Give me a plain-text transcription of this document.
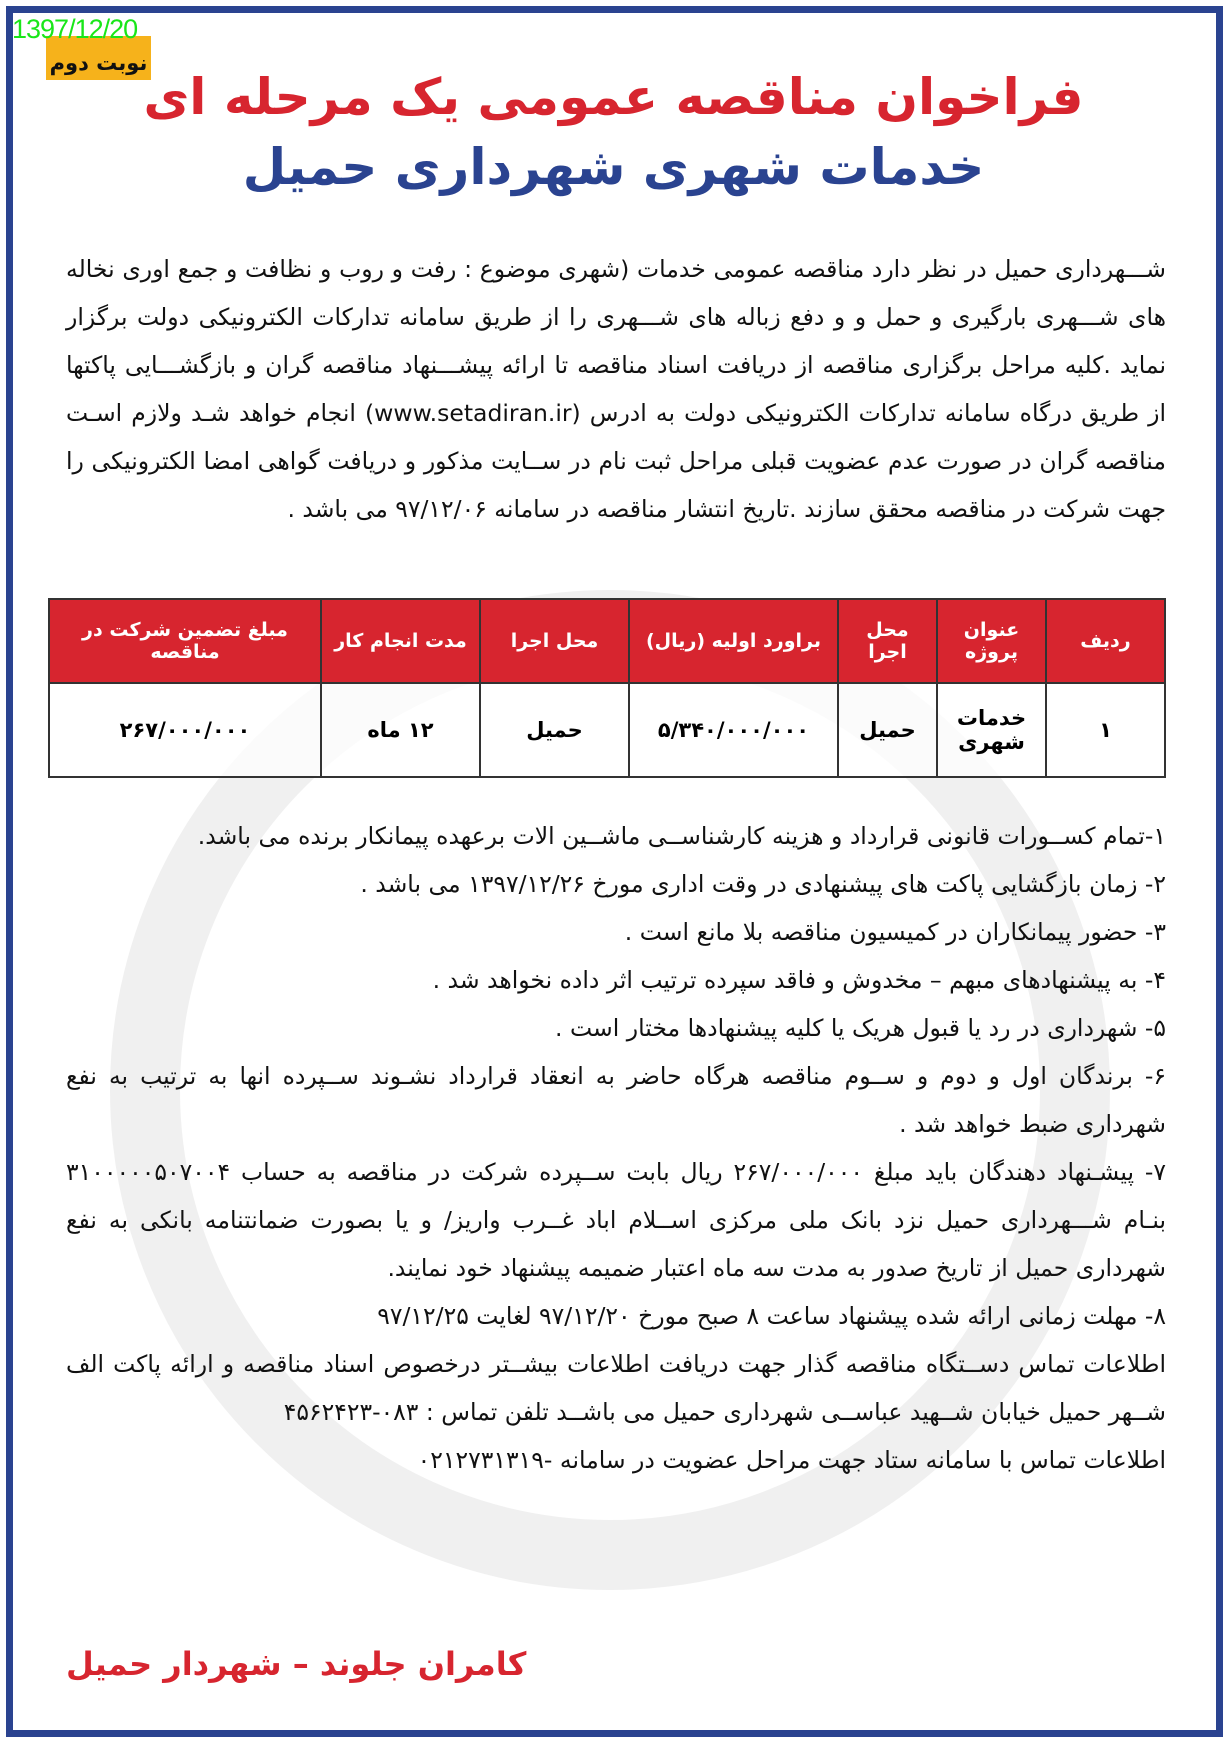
1397/12/20
نوبت دوم
فراخوان مناقصه عمومی یک مرحله ای
خدمات شهری شهرداری حمیل
شـــهرداری حمیل در نظر دارد مناقصه عمومی خدمات (شهری موضوع : رفت و روب و نظافت و جمع اوری نخاله های شـــهری بارگیری و حمل و و دفع زباله های شـــهری را از طریق سامانه تدارکات الکترونیکی دولت برگزار نماید .کلیه مراحل برگزاری مناقصه از دریافت اسناد مناقصه تا ارائه پیشـــنهاد مناقصه گران و بازگشـــایی پاکتها از طریق درگاه سامانه تدارکات الکترونیکی دولت به ادرس (www.setadiran.ir) انجام خواهد شـد ولازم اسـت مناقصه گران در صورت عدم عضویت قبلی مراحل ثبت نام در ســایت مذکور و دریافت گواهی امضا الکترونیکی را جهت شرکت در مناقصه محقق سازند .تاریخ انتشار مناقصه در سامانه ۹۷/۱۲/۰۶ می باشد .
ردیف	عنوان پروژه	محل اجرا	براورد اولیه (ریال)	محل اجرا	مدت انجام کار	مبلغ تضمین شرکت در مناقصه
۱	خدمات شهری	حمیل	۵/۳۴۰/۰۰۰/۰۰۰	حمیل	۱۲ ماه	۲۶۷/۰۰۰/۰۰۰

۱-تمام کســورات قانونی قرارداد و هزینه کارشناســی ماشــین الات برعهده پیمانکار برنده می باشد.

۲- زمان بازگشایی پاکت های پیشنهادی در وقت اداری مورخ ۱۳۹۷/۱۲/۲۶ می باشد .

۳- حضور پیمانکاران در کمیسیون مناقصه بلا مانع است .

۴- به پیشنهادهای مبهم – مخدوش و فاقد سپرده ترتیب اثر داده نخواهد شد .

۵- شهرداری در رد یا قبول هریک یا کلیه پیشنهادها مختار است .

۶- برندگان اول و دوم و ســوم مناقصه هرگاه حاضر به انعقاد قرارداد نشـوند ســپرده انها به ترتیب به نفع شهرداری ضبط خواهد شد .

۷- پیشـنهاد دهندگان باید مبلغ ۲۶۷/۰۰۰/۰۰۰ ریال بابت ســپرده شرکت در مناقصه به حساب ۳۱۰۰۰۰۰۵۰۷۰۰۴ بنـام شـــهرداری حمیل نزد بانک ملی مرکزی اســلام اباد غــرب واریز/ و یا بصورت ضمانتنامه بانکی به نفع شهرداری حمیل از تاریخ صدور به مدت سه ماه اعتبار ضمیمه پیشنهاد خود نمایند.

۸- مهلت زمانی ارائه شده پیشنهاد ساعت ۸ صبح مورخ ۹۷/۱۲/۲۰ لغایت ۹۷/۱۲/۲۵

اطلاعات تماس دســتگاه مناقصه گذار جهت دریافت اطلاعات بیشــتر درخصوص اسناد مناقصه و ارائه پاکت الف شــهر حمیل خیابان شــهید عباســی شهرداری حمیل می باشــد تلفن تماس : ۰۸۳-۴۵۶۲۴۲۳

اطلاعات تماس با سامانه ستاد جهت مراحل عضویت در سامانه -۰۲۱۲۷۳۱۳۱۹

کامران جلوند – شهردار حمیل
